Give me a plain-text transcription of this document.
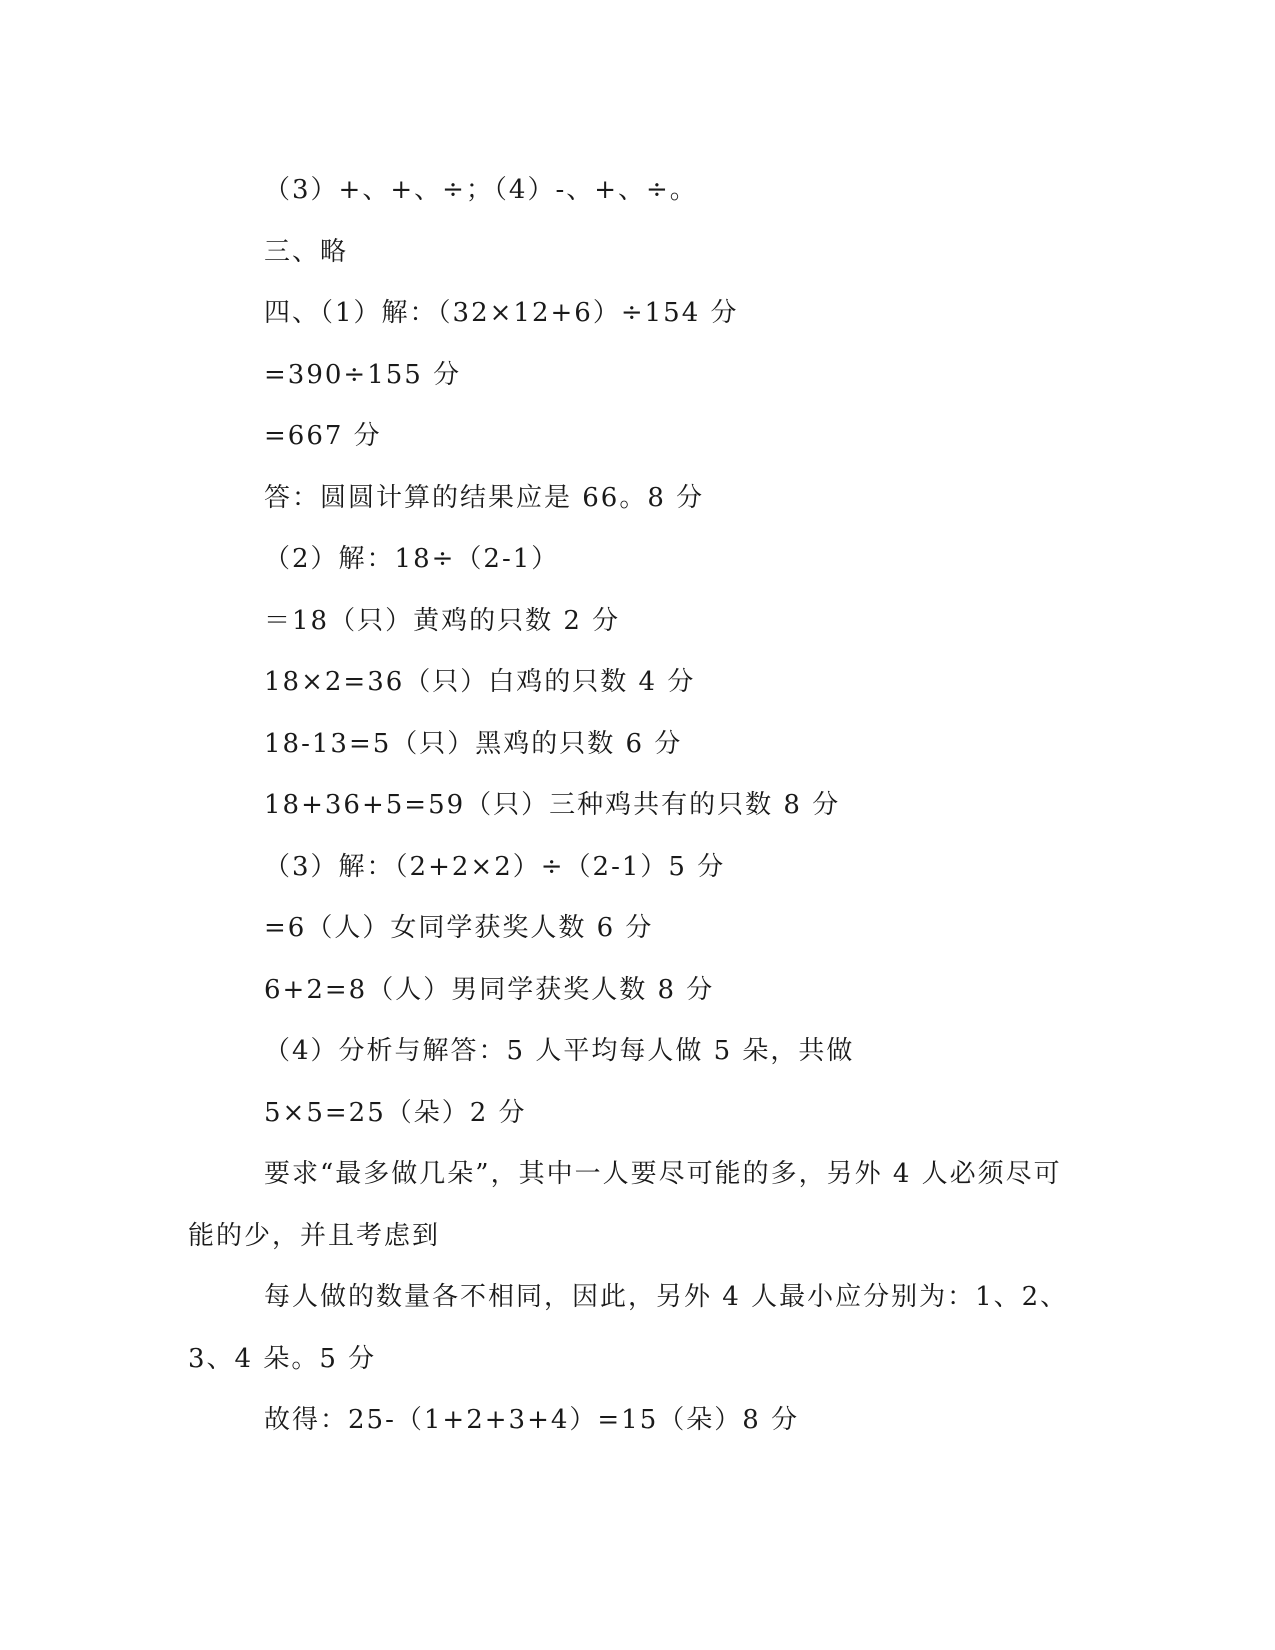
（3）+、+、÷；（4）-、+、÷。
三、略
四、（1）解：（32×12+6）÷154 分
=390÷155 分
=667 分
答：圆圆计算的结果应是 66。8 分
（2）解：18÷（2-1）
＝18（只）黄鸡的只数 2 分
18×2=36（只）白鸡的只数 4 分
18-13=5（只）黑鸡的只数 6 分
18+36+5=59（只）三种鸡共有的只数 8 分
（3）解：（2+2×2）÷（2-1）5 分
=6（人）女同学获奖人数 6 分
6+2=8（人）男同学获奖人数 8 分
（4）分析与解答：5 人平均每人做 5 朵，共做
5×5=25（朵）2 分
要求“最多做几朵”，其中一人要尽可能的多，另外 4 人必须尽可
能的少，并且考虑到
每人做的数量各不相同，因此，另外 4 人最小应分别为：1、2、
3、4 朵。5 分
故得：25-（1+2+3+4）=15（朵）8 分
